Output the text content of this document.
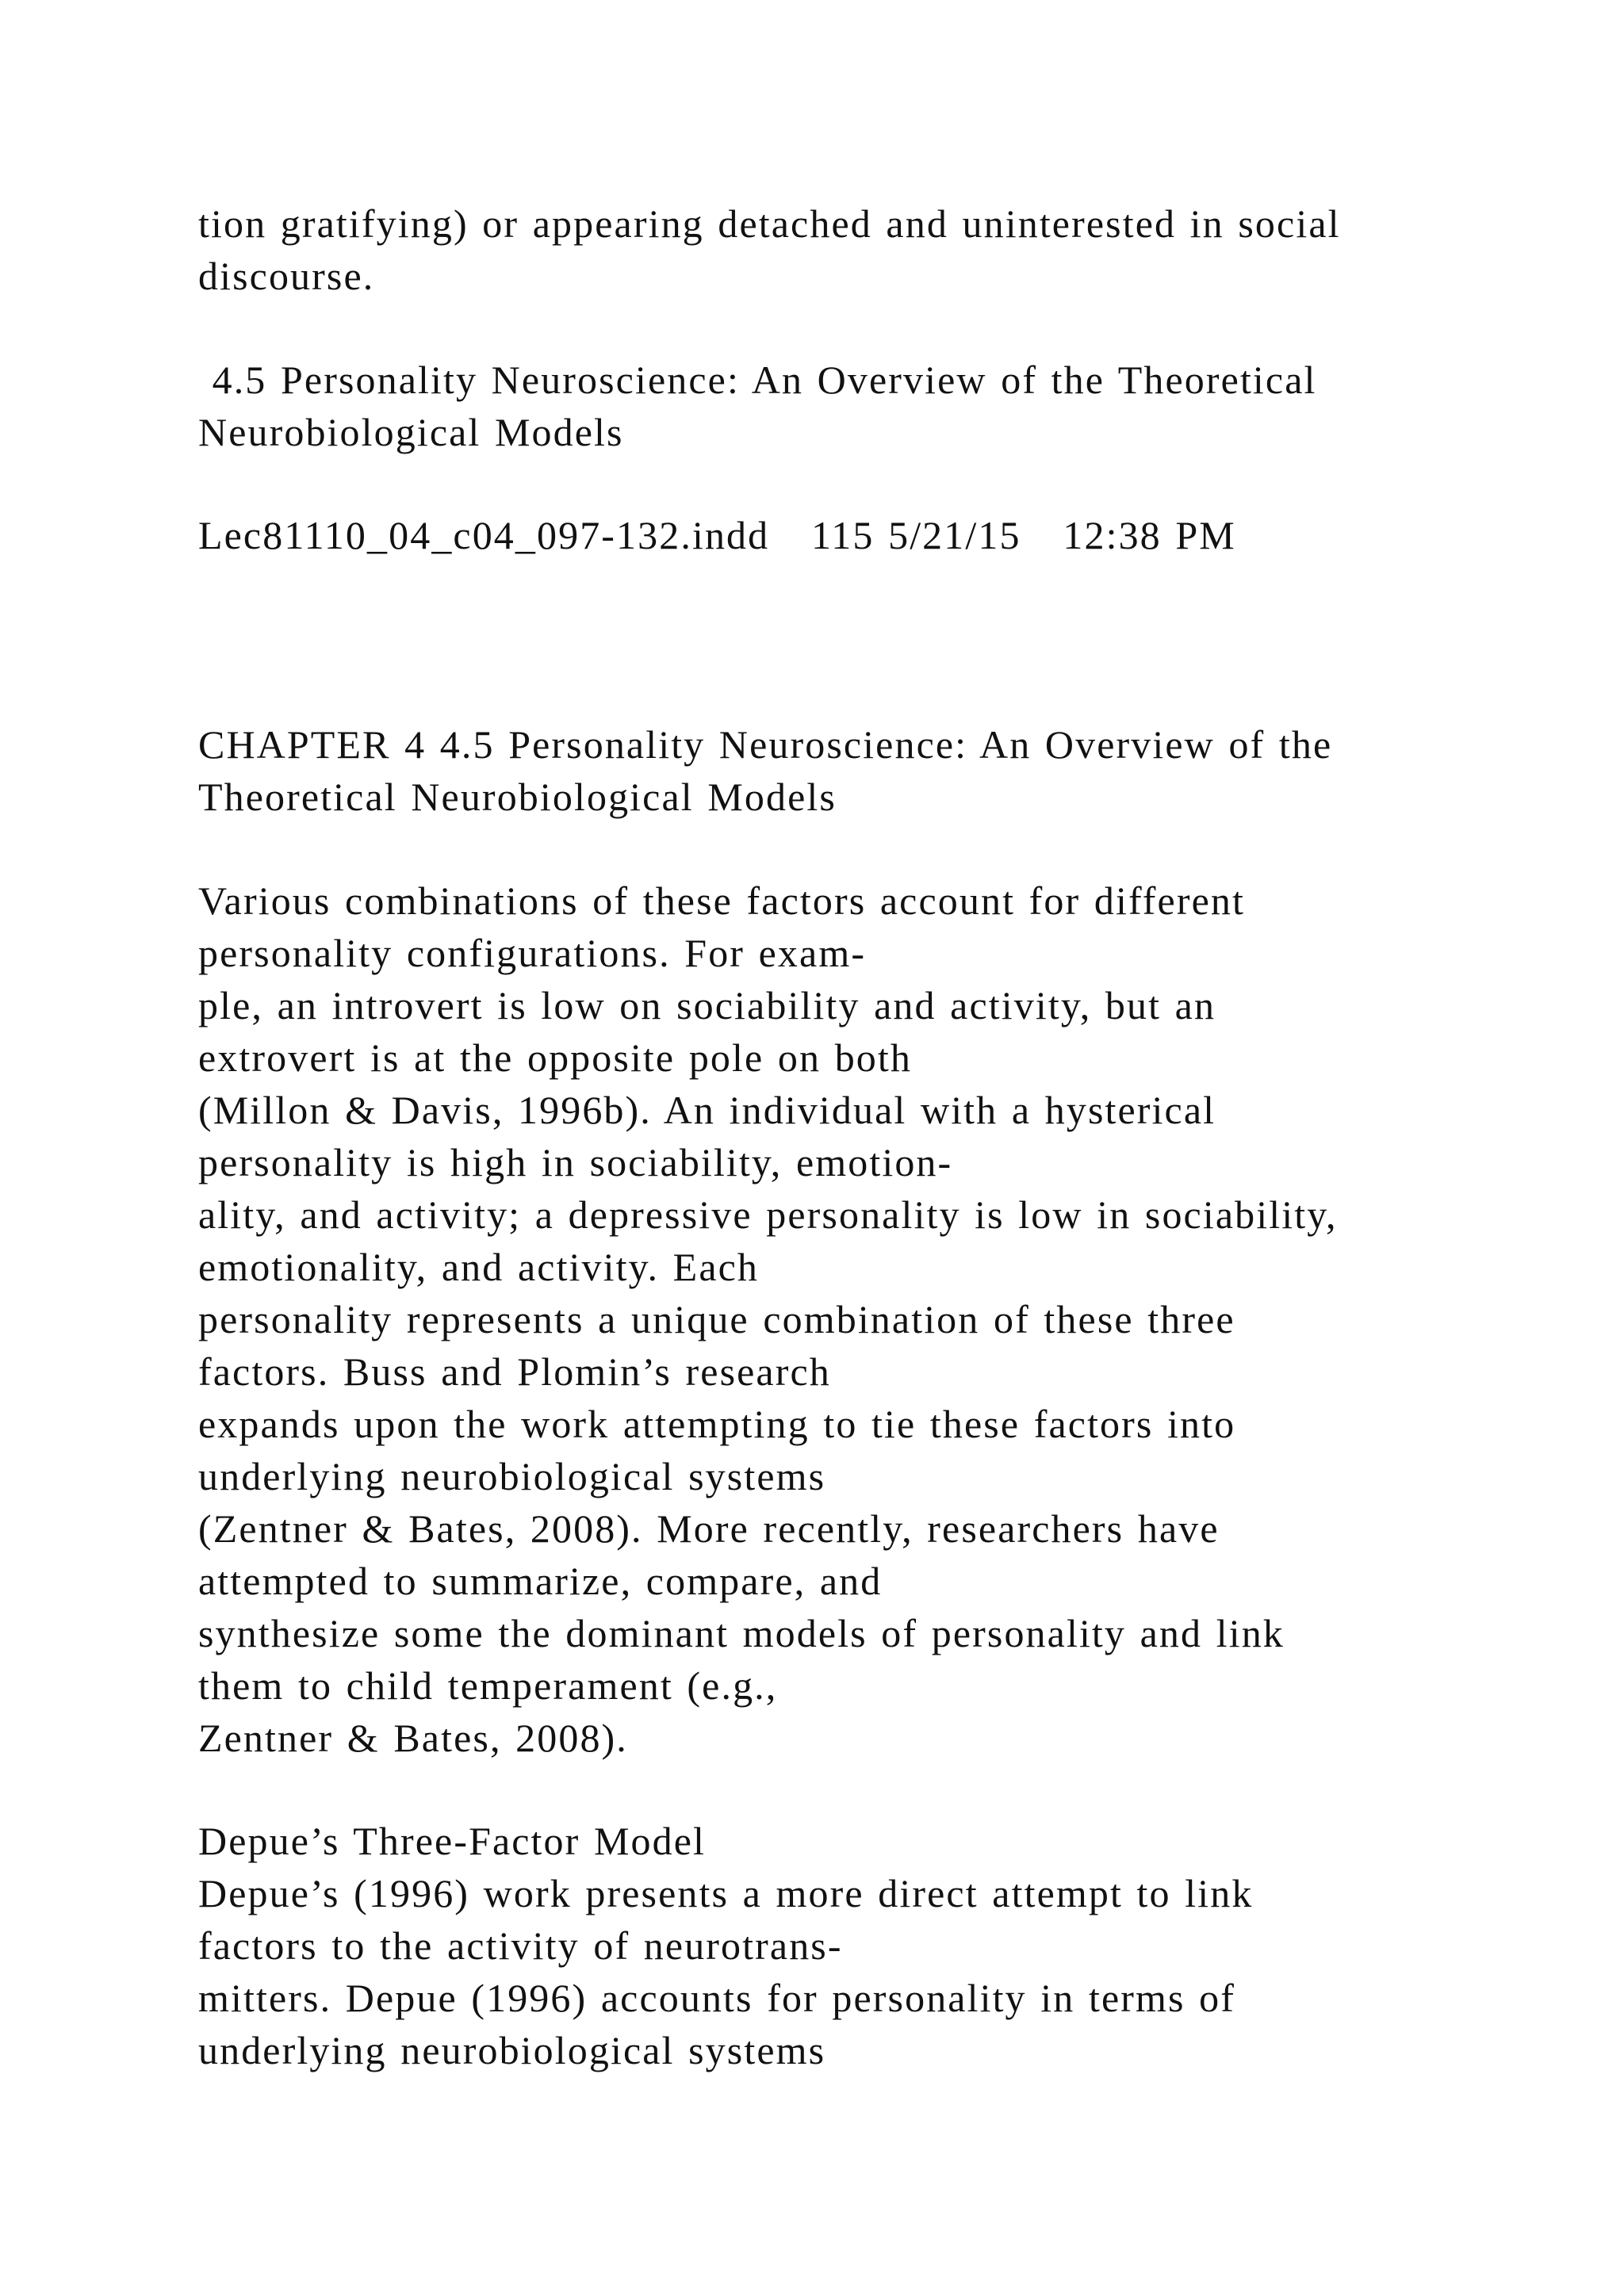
tion gratifying) or appearing detached and uninterested in social
discourse.
4.5 Personality Neuroscience: An Overview of the Theoretical
Neurobiological Models
Lec81110_04_c04_097-132.indd   115 5/21/15   12:38 PM
CHAPTER 4 4.5 Personality Neuroscience: An Overview of the
Theoretical Neurobiological Models
Various combinations of these factors account for different
personality configurations. For exam-
ple, an introvert is low on sociability and activity, but an
extrovert is at the opposite pole on both
(Millon & Davis, 1996b). An individual with a hysterical
personality is high in sociability, emotion-
ality, and activity; a depressive personality is low in sociability,
emotionality, and activity. Each
personality represents a unique combination of these three
factors. Buss and Plomin’s research
expands upon the work attempting to tie these factors into
underlying neurobiological systems
(Zentner & Bates, 2008). More recently, researchers have
attempted to summarize, compare, and
synthesize some the dominant models of personality and link
them to child temperament (e.g.,
Zentner & Bates, 2008).
Depue’s Three-Factor Model
Depue’s (1996) work presents a more direct attempt to link
factors to the activity of neurotrans-
mitters. Depue (1996) accounts for personality in terms of
underlying neurobiological systems
